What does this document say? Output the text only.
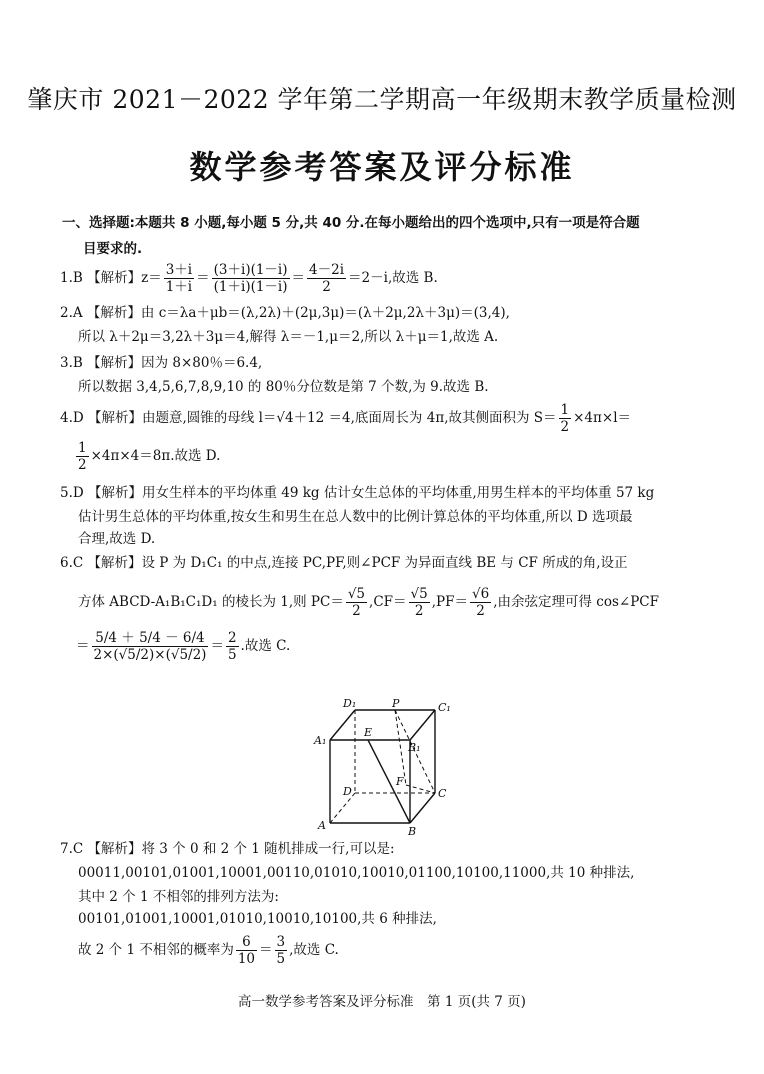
肇庆市 2021－2022 学年第二学期高一年级期末教学质量检测
数学参考答案及评分标准
一、选择题:本题共 8 小题,每小题 5 分,共 40 分.在每小题给出的四个选项中,只有一项是符合题
目要求的.
1.B 【解析】$z= \frac{3+i}{1+i} = \frac{(3+i)(1-i)}{(1+i)(1-i)} = \frac{4-2i}{2} =2-i$,故选 B.
2.A 【解析】由 c＝λa＋μb＝(λ,2λ)＋(2μ,3μ)＝(λ＋2μ,2λ＋3μ)＝(3,4),
所以 λ＋2μ＝3,2λ＋3μ＝4,解得 λ＝－1,μ＝2,所以 λ＋μ＝1,故选 A.
3.B 【解析】因为 8×80％＝6.4,
所以数据 3,4,5,6,7,8,9,10 的 80％分位数是第 7 个数,为 9.故选 B.
4.D 【解析】由题意,圆锥的母线 l＝√4＋12 ＝4,底面周长为 4π,故其侧面积为 $S= \frac{1}{2} \times 4\pi\times l=$
$\frac{1}{2} \times 4\pi\times 4=8\pi$.故选 D.
5.D 【解析】用女生样本的平均体重 49 kg 估计女生总体的平均体重,用男生样本的平均体重 57 kg
估计男生总体的平均体重,按女生和男生在总人数中的比例计算总体的平均体重,所以 D 选项最
合理,故选 D.
6.C 【解析】设 P 为 D₁C₁ 的中点,连接 PC,PF,则∠PCF 为异面直线 BE 与 CF 所成的角,设正
方体 ABCD-A₁B₁C₁D₁ 的棱长为 1,则 $PC= \frac{√5}{2} ,CF= \frac{√5}{2} ,PF= \frac{√6}{2}$ ,由余弦定理可得 cos∠PCF
＝ $\frac{5/4 + 5/4 - 6/4}{2\times(√5/2)\times(√5/2)} = \frac{2}{5}$ .故选 C.
D₁	P	C₁
A₁
E
B₁
F
D	C
A	B
7.C 【解析】将 3 个 0 和 2 个 1 随机排成一行,可以是:
00011,00101,01001,10001,00110,01010,10010,01100,10100,11000,共 10 种排法,
其中 2 个 1 不相邻的排列方法为:
00101,01001,10001,01010,10010,10100,共 6 种排法,
故 2 个 1 不相邻的概率为 $\frac{6}{10} = \frac{3}{5}$ ,故选 C.
高一数学参考答案及评分标准　第 1 页(共 7 页)
